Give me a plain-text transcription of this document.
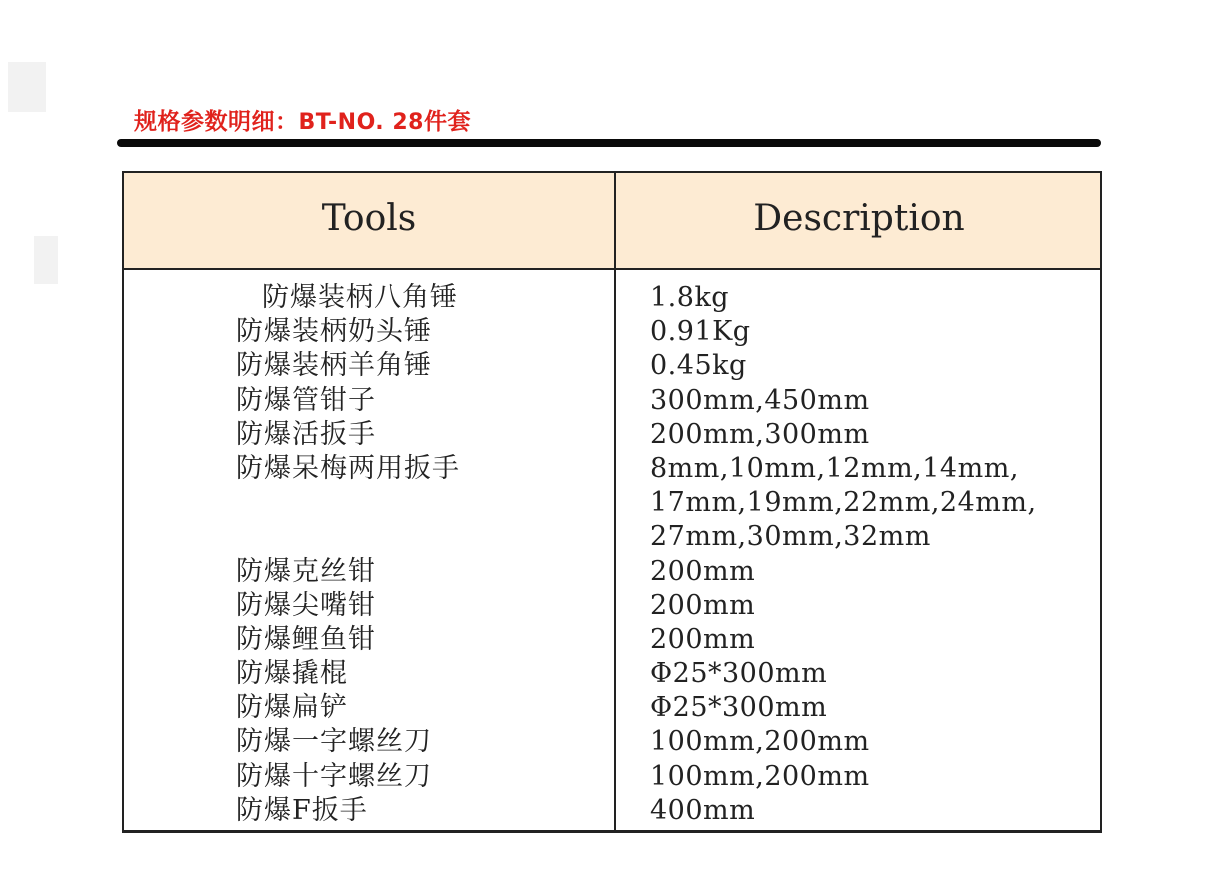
规格参数明细：BT-NO. 28件套
Tools	Description
防爆装柄八角锤
防爆装柄奶头锤
防爆装柄羊角锤
防爆管钳子
防爆活扳手
防爆呆梅两用扳手
防爆克丝钳
防爆尖嘴钳
防爆鲤鱼钳
防爆撬棍
防爆扁铲
防爆一字螺丝刀
防爆十字螺丝刀
防爆F扳手
1.8kg
0.91Kg
0.45kg
300mm,450mm
200mm,300mm
8mm,10mm,12mm,14mm,
17mm,19mm,22mm,24mm,
27mm,30mm,32mm
200mm
200mm
200mm
Φ25*300mm
Φ25*300mm
100mm,200mm
100mm,200mm
400mm
